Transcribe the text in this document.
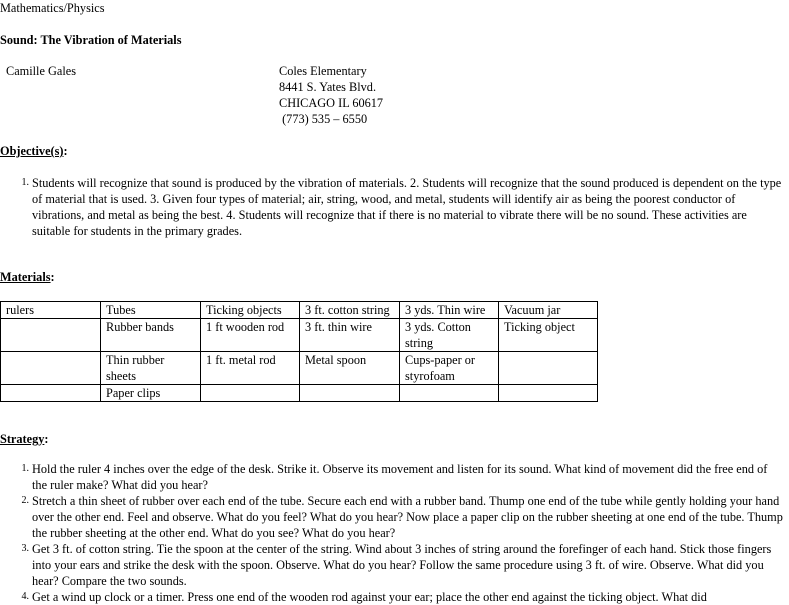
Mathematics/Physics
Sound: The Vibration of Materials
Camille Gales	Coles Elementary
8441 S. Yates Blvd.
CHICAGO IL 60617
(773) 535 – 6550
Objective(s):
1. Students will recognize that sound is produced by the vibration of materials. 2. Students will recognize that the sound produced is dependent on the type of material that is used. 3. Given four types of material; air, string, wood, and metal, students will identify air as being the poorest conductor of vibrations, and metal as being the best. 4. Students will recognize that if there is no material to vibrate there will be no sound. These activities are suitable for students in the primary grades.
Materials:
rulers	Tubes	Ticking objects	3 ft. cotton string	3 yds. Thin wire	Vacuum jar
	Rubber bands	1 ft wooden rod	3 ft. thin wire	3 yds. Cotton string	Ticking object
	Thin rubber sheets	1 ft. metal rod	Metal spoon	Cups-paper or styrofoam	
	Paper clips				
Strategy:
1. Hold the ruler 4 inches over the edge of the desk. Strike it. Observe its movement and listen for its sound. What kind of movement did the free end of the ruler make? What did you hear?
2. Stretch a thin sheet of rubber over each end of the tube. Secure each end with a rubber band. Thump one end of the tube while gently holding your hand over the other end. Feel and observe. What do you feel? What do you hear? Now place a paper clip on the rubber sheeting at one end of the tube. Thump the rubber sheeting at the other end. What do you see? What do you hear?
3. Get 3 ft. of cotton string. Tie the spoon at the center of the string. Wind about 3 inches of string around the forefinger of each hand. Stick those fingers into your ears and strike the desk with the spoon. Observe. What do you hear? Follow the same procedure using 3 ft. of wire. Observe. What did you hear? Compare the two sounds.
4. Get a wind up clock or a timer. Press one end of the wooden rod against your ear; place the other end against the ticking object. What did
